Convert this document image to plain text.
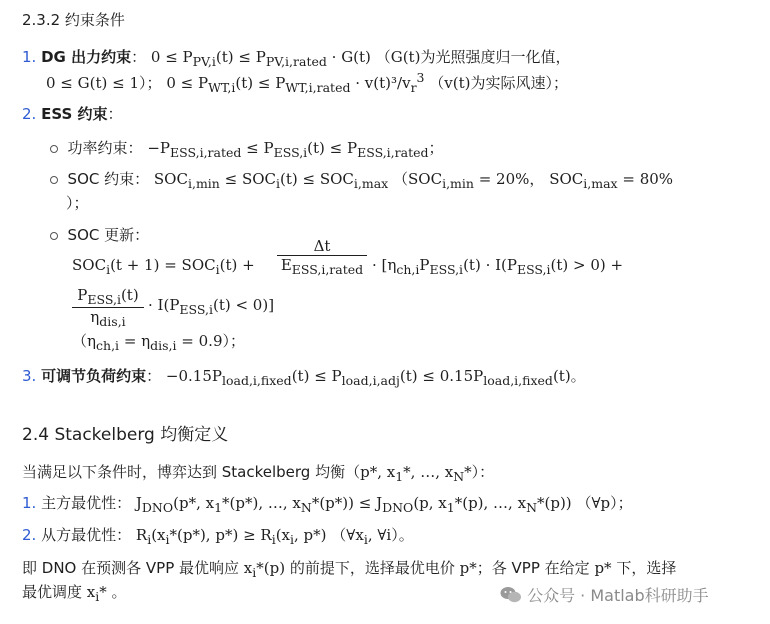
2.3.2 约束条件
1. DG 出力约束： $0 \le P_{PV,i}(t) \le P_{PV,i,rated} \cdot G(t)$ （G(t)为光照强度归一化值，
0 ≤ G(t) ≤ 1）； $0 \le P_{WT,i}(t) \le P_{WT,i,rated} \cdot v(t)^3/v_r^3$ （v(t)为实际风速）；
2. ESS 约束：
功率约束： $-P_{ESS,i,rated} \le P_{ESS,i}(t) \le P_{ESS,i,rated}$；
SOC 约束： $SOC_{i,min} \le SOC_i(t) \le SOC_{i,max}$ （$SOC_{i,min} = 20\%$， $SOC_{i,max} = 80\%$
）；
SOC 更新：
$SOC_i(t + 1) = SOC_i(t)$ +
Δt
$E_{ESS,i,rated} \cdot [\eta_{ch,i}P_{ESS,i}(t) \cdot I(P_{ESS,i}(t) > 0)$ +
$P_{ESS,i}(t)$
$\eta_{dis,i}$
· $I(P_{ESS,i}(t) < 0)$]
$(\eta_{ch,i} = \eta_{dis,i} = 0.9)$；
3. 可调节负荷约束： $-0.15P_{load,i,fixed}(t) \le P_{load,i,adj}(t) \le 0.15P_{load,i,fixed}(t)$。
2.4 Stackelberg 均衡定义
当满足以下条件时，博弈达到 Stackelberg 均衡（p*, $x_1*$, …, $x_N*$）：
1. 主方最优性： $J_{DNO}(p*$, $x_1*(p*)$, …, $x_N*(p*)) \le J_{DNO}(p$, $x_1*(p)$, …, $x_N*(p)$) （∀p）；
2. 从方最优性： $R_i(x_i*(p*)$, $p*) \ge R_i(x_i$, p*) （$\forall x_i$, ∀i）。
即 DNO 在预测各 VPP 最优响应 $x_i*(p)$ 的前提下，选择最优电价 p*；各 VPP 在给定 p* 下，选择
最优调度 $x_i*$ 。	公众号 · Matlab科研助手
